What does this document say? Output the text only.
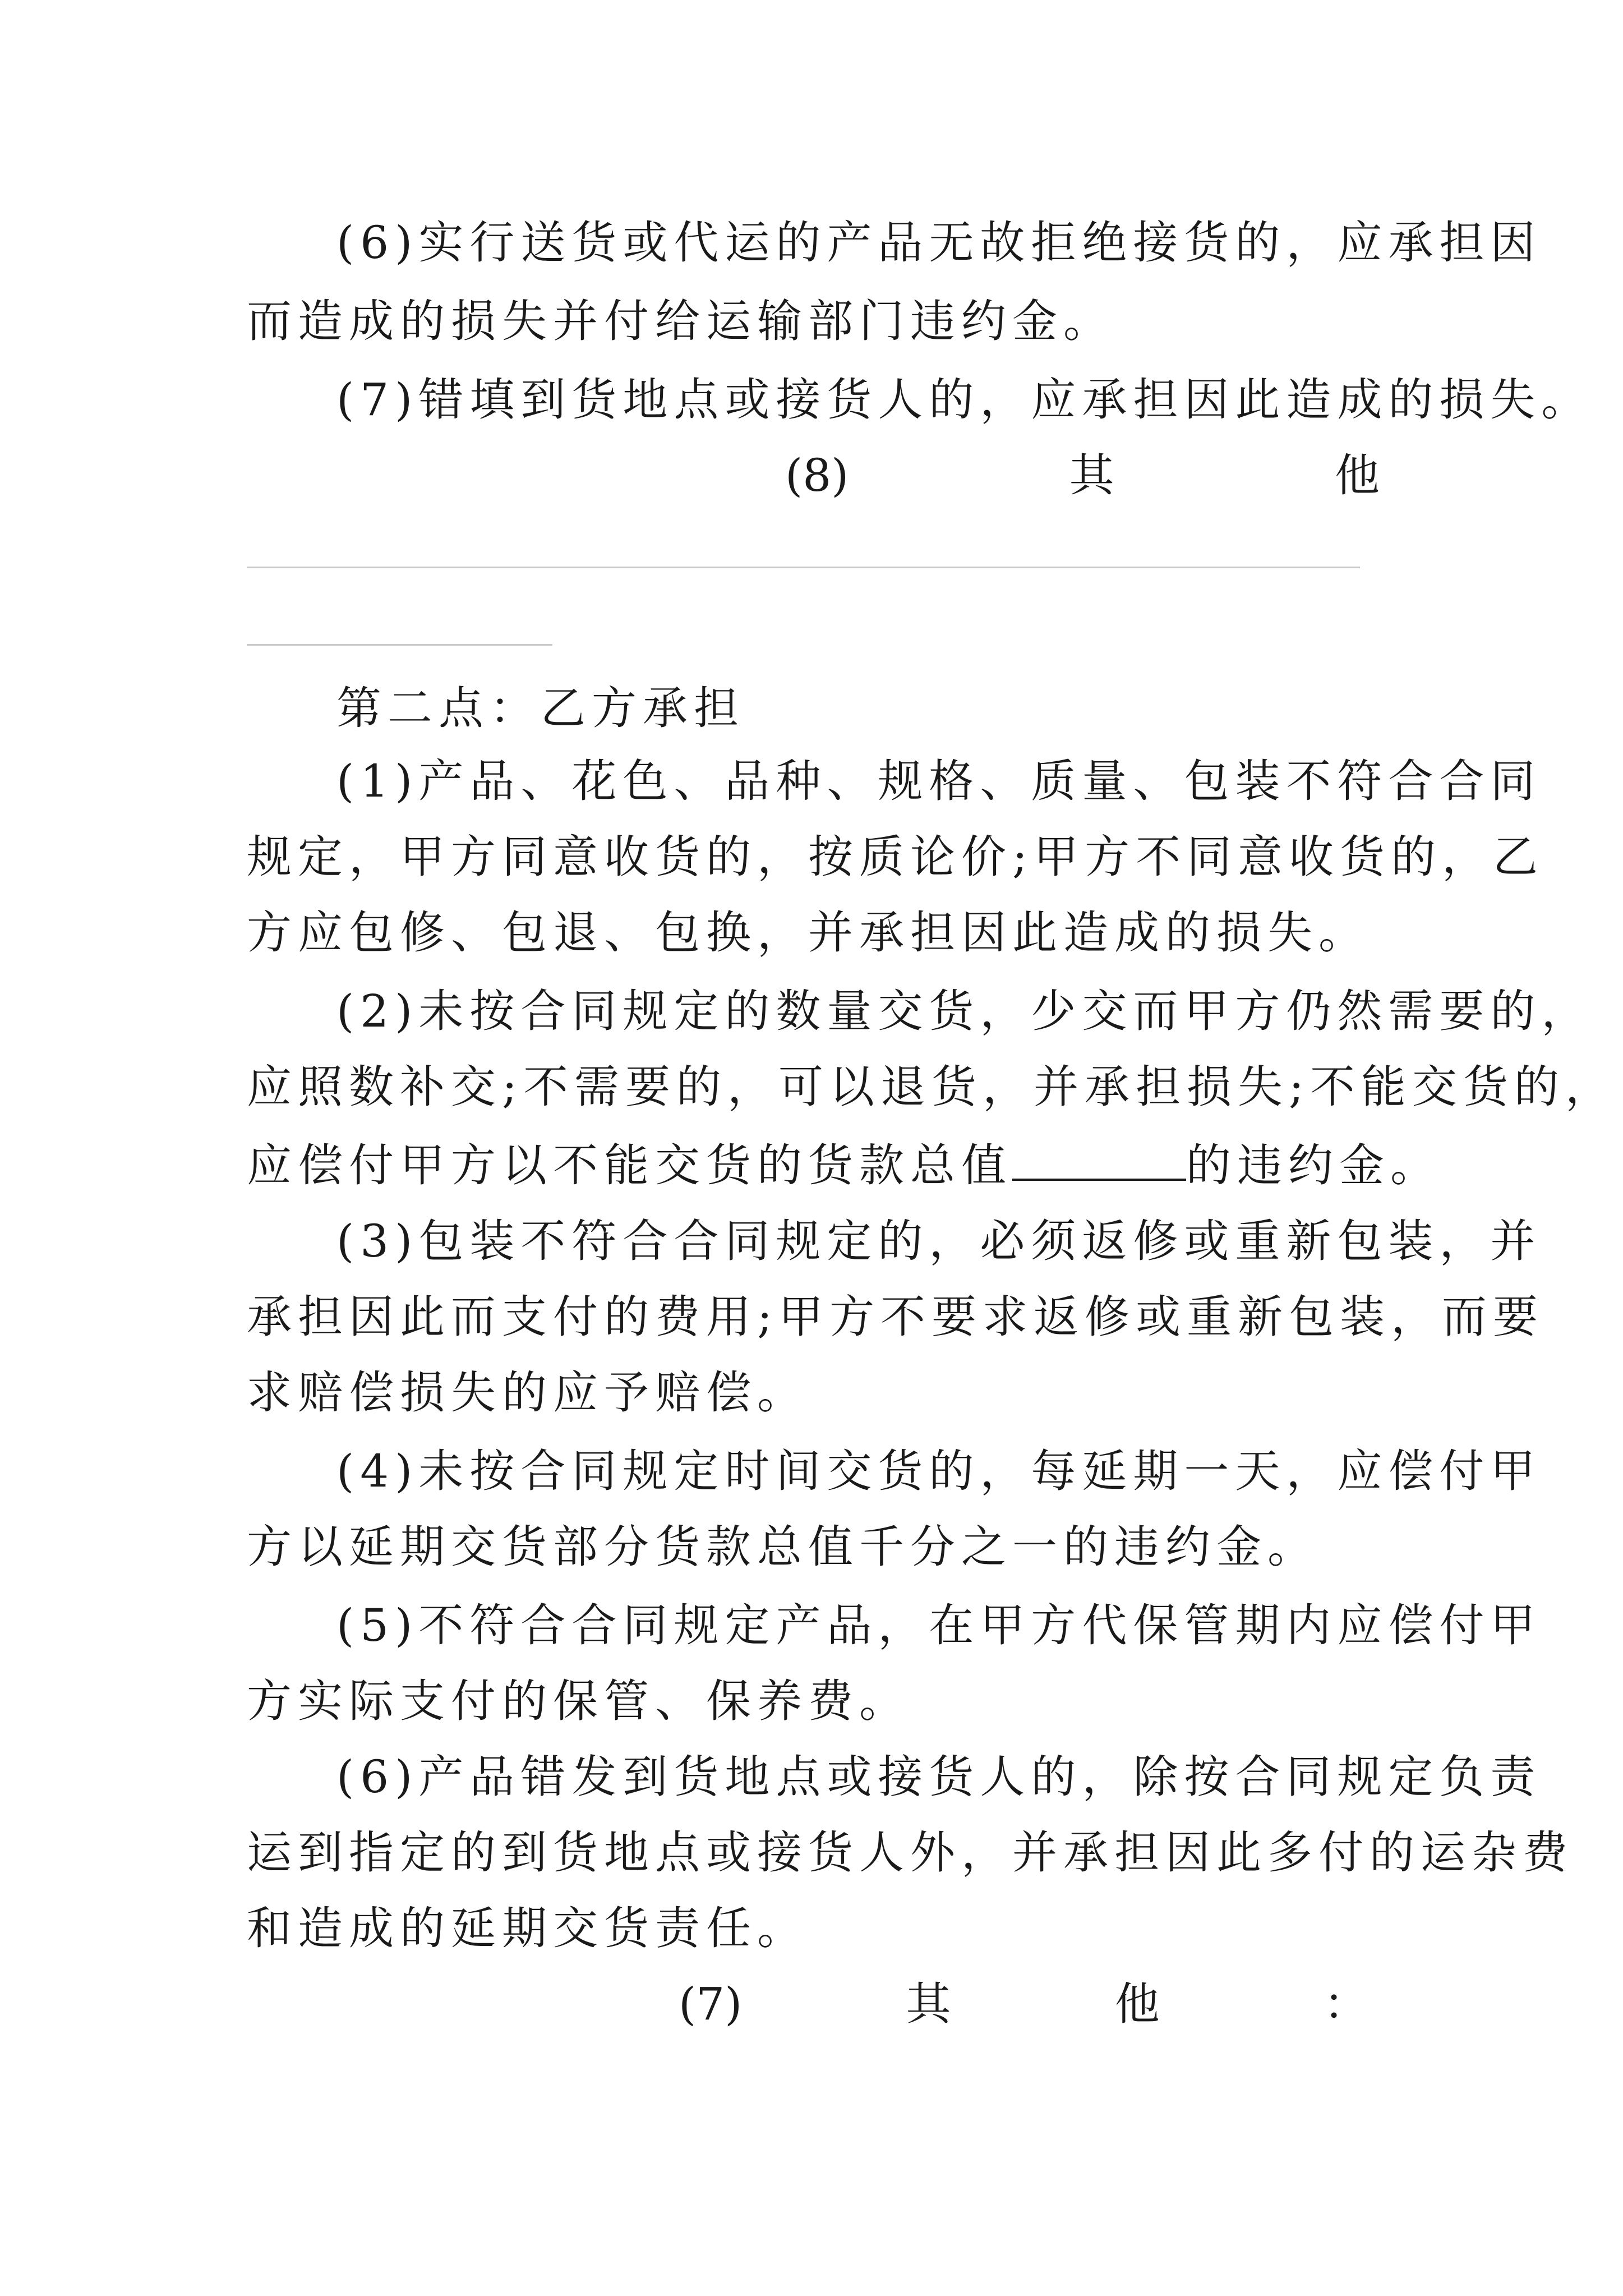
(6)实行送货或代运的产品无故拒绝接货的，应承担因
而造成的损失并付给运输部门违约金。
(7)错填到货地点或接货人的，应承担因此造成的损失。
(8)	其	他
第二点：乙方承担
(1)产品、花色、品种、规格、质量、包装不符合合同
规定，甲方同意收货的，按质论价;甲方不同意收货的，乙
方应包修、包退、包换，并承担因此造成的损失。
(2)未按合同规定的数量交货，少交而甲方仍然需要的，
应照数补交;不需要的，可以退货，并承担损失;不能交货的，
应偿付甲方以不能交货的货款总值	的违约金。
(3)包装不符合合同规定的，必须返修或重新包装，并
承担因此而支付的费用;甲方不要求返修或重新包装，而要
求赔偿损失的应予赔偿。
(4)未按合同规定时间交货的，每延期一天，应偿付甲
方以延期交货部分货款总值千分之一的违约金。
(5)不符合合同规定产品，在甲方代保管期内应偿付甲
方实际支付的保管、保养费。
(6)产品错发到货地点或接货人的，除按合同规定负责
运到指定的到货地点或接货人外，并承担因此多付的运杂费
和造成的延期交货责任。
(7)	其	他	：
